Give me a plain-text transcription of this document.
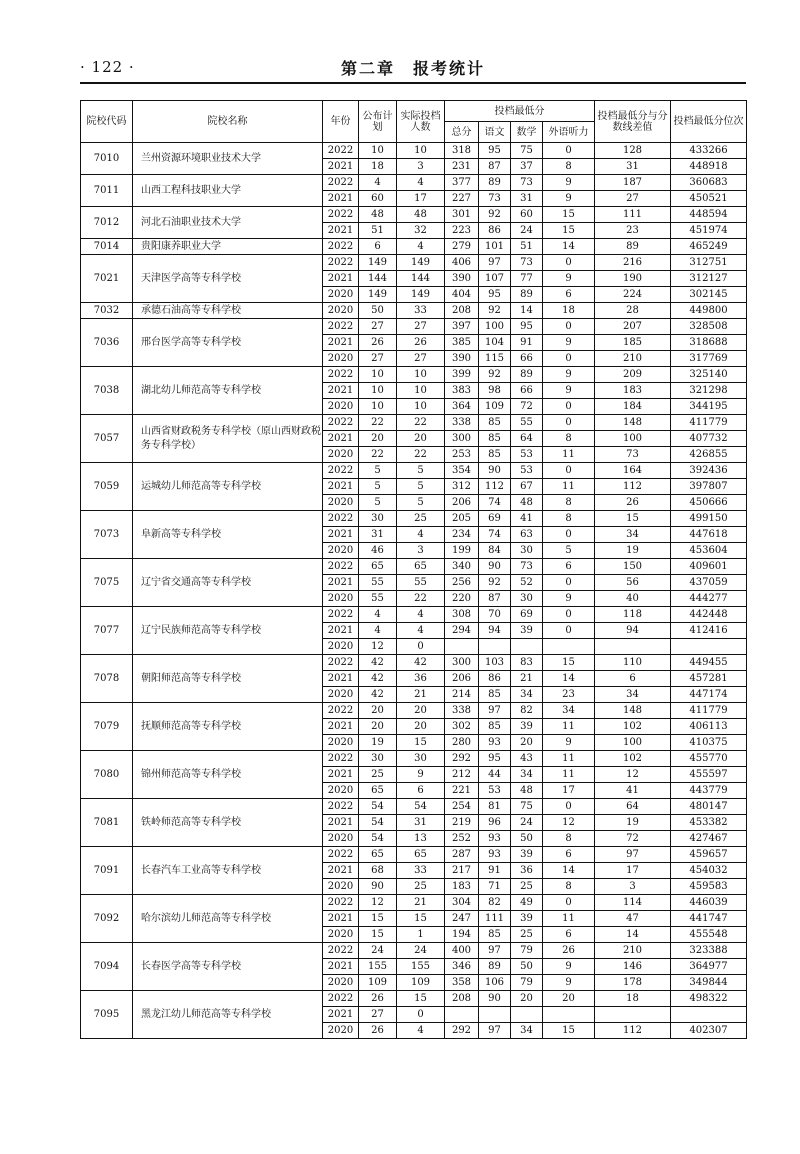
· 122 ·	第二章　报考统计
院校代码	院校名称	年份	公布计划	实际投档人数	投档最低分				投档最低分与分数线差值	投档最低分位次
					总分	语文	数学	外语听力		
7010	兰州资源环境职业技术大学	2022	10	10	318	95	75	0	128	433266
		2021	18	3	231	87	37	8	31	448918
7011	山西工程科技职业大学	2022	4	4	377	89	73	9	187	360683
		2021	60	17	227	73	31	9	27	450521
7012	河北石油职业技术大学	2022	48	48	301	92	60	15	111	448594
		2021	51	32	223	86	24	15	23	451974
7014	贵阳康养职业大学	2022	6	4	279	101	51	14	89	465249
7021	天津医学高等专科学校	2022	149	149	406	97	73	0	216	312751
		2021	144	144	390	107	77	9	190	312127
		2020	149	149	404	95	89	6	224	302145
7032	承德石油高等专科学校	2020	50	33	208	92	14	18	28	449800
7036	邢台医学高等专科学校	2022	27	27	397	100	95	0	207	328508
		2021	26	26	385	104	91	9	185	318688
		2020	27	27	390	115	66	0	210	317769
7038	湖北幼儿师范高等专科学校	2022	10	10	399	92	89	9	209	325140
		2021	10	10	383	98	66	9	183	321298
		2020	10	10	364	109	72	0	184	344195
7057	山西省财政税务专科学校（原山西财政税务专科学校）	2022	22	22	338	85	55	0	148	411779
		2021	20	20	300	85	64	8	100	407732
		2020	22	22	253	85	53	11	73	426855
7059	运城幼儿师范高等专科学校	2022	5	5	354	90	53	0	164	392436
		2021	5	5	312	112	67	11	112	397807
		2020	5	5	206	74	48	8	26	450666
7073	阜新高等专科学校	2022	30	25	205	69	41	8	15	499150
		2021	31	4	234	74	63	0	34	447618
		2020	46	3	199	84	30	5	19	453604
7075	辽宁省交通高等专科学校	2022	65	65	340	90	73	6	150	409601
		2021	55	55	256	92	52	0	56	437059
		2020	55	22	220	87	30	9	40	444277
7077	辽宁民族师范高等专科学校	2022	4	4	308	70	69	0	118	442448
		2021	4	4	294	94	39	0	94	412416
		2020	12	0						
7078	朝阳师范高等专科学校	2022	42	42	300	103	83	15	110	449455
		2021	42	36	206	86	21	14	6	457281
		2020	42	21	214	85	34	23	34	447174
7079	抚顺师范高等专科学校	2022	20	20	338	97	82	34	148	411779
		2021	20	20	302	85	39	11	102	406113
		2020	19	15	280	93	20	9	100	410375
7080	锦州师范高等专科学校	2022	30	30	292	95	43	11	102	455770
		2021	25	9	212	44	34	11	12	455597
		2020	65	6	221	53	48	17	41	443779
7081	铁岭师范高等专科学校	2022	54	54	254	81	75	0	64	480147
		2021	54	31	219	96	24	12	19	453382
		2020	54	13	252	93	50	8	72	427467
7091	长春汽车工业高等专科学校	2022	65	65	287	93	39	6	97	459657
		2021	68	33	217	91	36	14	17	454032
		2020	90	25	183	71	25	8	3	459583
7092	哈尔滨幼儿师范高等专科学校	2022	12	21	304	82	49	0	114	446039
		2021	15	15	247	111	39	11	47	441747
		2020	15	1	194	85	25	6	14	455548
7094	长春医学高等专科学校	2022	24	24	400	97	79	26	210	323388
		2021	155	155	346	89	50	9	146	364977
		2020	109	109	358	106	79	9	178	349844
7095	黑龙江幼儿师范高等专科学校	2022	26	15	208	90	20	20	18	498322
		2021	27	0						
		2020	26	4	292	97	34	15	112	402307
